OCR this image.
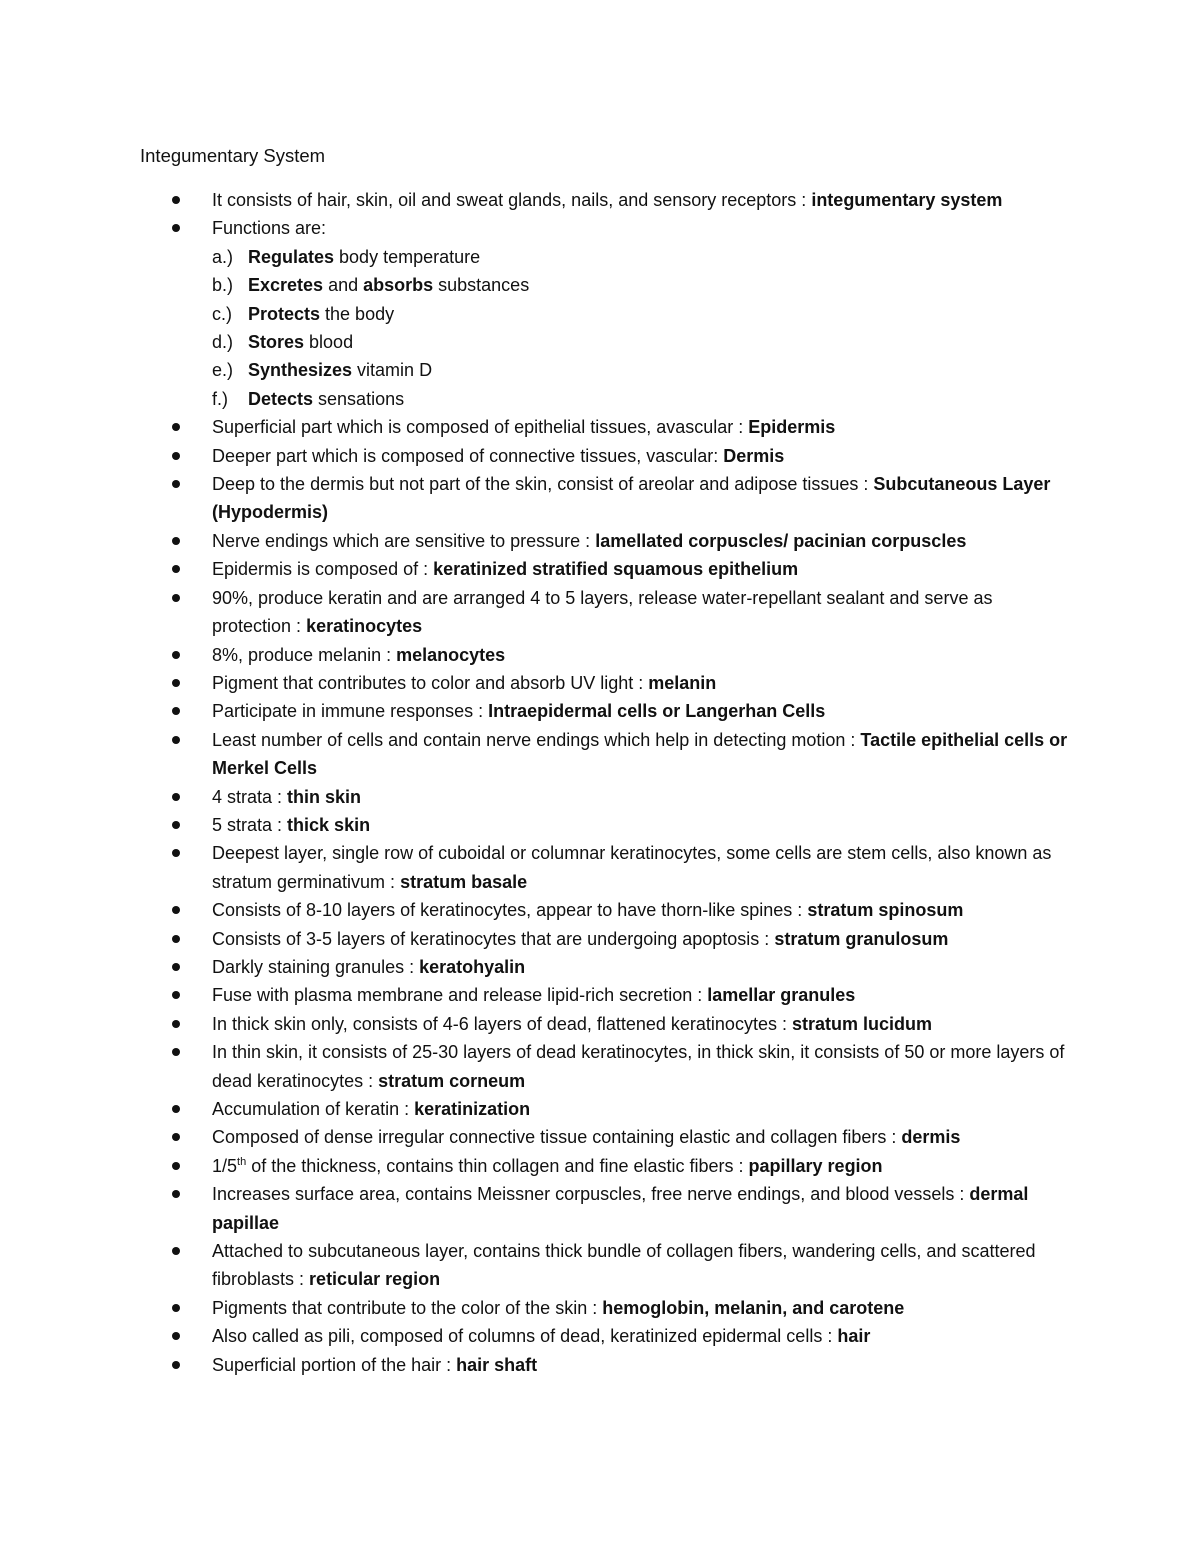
Integumentary System
It consists of hair, skin, oil and sweat glands, nails, and sensory receptors : integumentary system
Functions are:
a.) Regulates body temperature
b.) Excretes and absorbs substances
c.) Protects the body
d.) Stores blood
e.) Synthesizes vitamin D
f.)	Detects sensations
Superficial part which is composed of epithelial tissues, avascular : Epidermis
Deeper part which is composed of connective tissues, vascular: Dermis
Deep to the dermis but not part of the skin, consist of areolar and adipose tissues : Subcutaneous Layer (Hypodermis)
Nerve endings which are sensitive to pressure : lamellated corpuscles/ pacinian corpuscles
Epidermis is composed of : keratinized stratified squamous epithelium
90%, produce keratin and are arranged 4 to 5 layers, release water-repellant sealant and serve as protection : keratinocytes
8%, produce melanin : melanocytes
Pigment that contributes to color and absorb UV light : melanin
Participate in immune responses : Intraepidermal cells or Langerhan Cells
Least number of cells and contain nerve endings which help in detecting motion : Tactile epithelial cells or Merkel Cells
4 strata : thin skin
5 strata : thick skin
Deepest layer, single row of cuboidal or columnar keratinocytes, some cells are stem cells, also known as stratum germinativum : stratum basale
Consists of 8-10 layers of keratinocytes, appear to have thorn-like spines : stratum spinosum
Consists of 3-5 layers of keratinocytes that are undergoing apoptosis : stratum granulosum
Darkly staining granules : keratohyalin
Fuse with plasma membrane and release lipid-rich secretion : lamellar granules
In thick skin only, consists of 4-6 layers of dead, flattened keratinocytes : stratum lucidum
In thin skin, it consists of 25-30 layers of dead keratinocytes, in thick skin, it consists of 50 or more layers of dead keratinocytes : stratum corneum
Accumulation of keratin : keratinization
Composed of dense irregular connective tissue containing elastic and collagen fibers : dermis
1/5th of the thickness, contains thin collagen and fine elastic fibers : papillary region
Increases surface area, contains Meissner corpuscles, free nerve endings, and blood vessels : dermal papillae
Attached to subcutaneous layer, contains thick bundle of collagen fibers, wandering cells, and scattered fibroblasts : reticular region
Pigments that contribute to the color of the skin : hemoglobin, melanin, and carotene
Also called as pili, composed of columns of dead, keratinized epidermal cells : hair
Superficial portion of the hair : hair shaft
